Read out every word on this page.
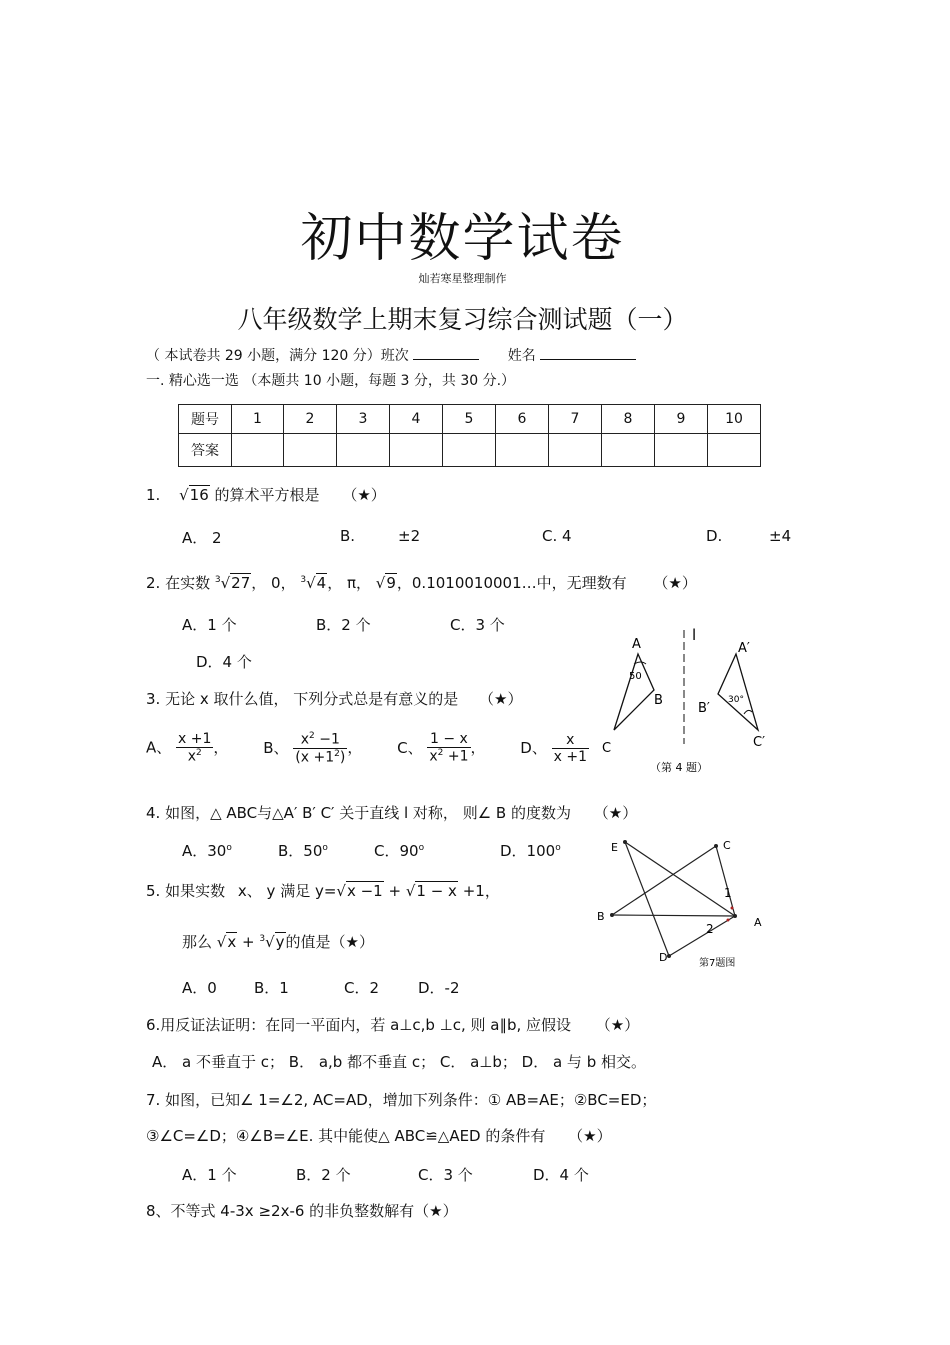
初中数学试卷
灿若寒星整理制作
八年级数学上期末复习综合测试题（一）
（ 本试卷共 29 小题，满分 120 分）班次	姓名
一. 精心选一选 （本题共 10 小题，每题 3 分，共 30 分.）
题号	1	2	3	4	5	6	7	8	9	10
答案										
1. √16 的算术平方根是 （★）
A． 2	B.	±2	C. 4	D.	±4
2. 在实数 $^3$√27， 0， $^3$√4， π， √9，0.1010010001…中，无理数有 （★）
A．1 个	B．2 个	C．3 个
D．4 个
3. 无论 x 取什么值， 下列分式总是有意义的是 （★）
A、 $\frac{x +1}{x^2}$ ， B、 $\frac{x^2 -1}{(x +1^2)}$ ， C、 $\frac{1 - x}{x^2 +1}$ ， D、 $\frac{x}{x +1}$
A
B
C
50
l
A′
B′
C′
30°
（第 4 题）
4. 如图，△ ABC与△A′ B′ C′ 关于直线 l 对称， 则∠ B 的度数为 （★）
A．30$^o$	B．50$^o$	C．90$^o$	D．100$^o$	E	C
B	A
D
1
2
第7题图
5. 如果实数 x、 y 满足 y=√x −1 + √1 − x +1，
那么 √x + $^3$√y的值是（★）
A．0 B．1	C．2	D．-2
6.用反证法证明：在同一平面内，若 a⊥c,b ⊥c, 则 a∥b, 应假设 （★）
A． a 不垂直于 c； B． a,b 都不垂直 c； C． a⊥b； D． a 与 b 相交。
7. 如图，已知∠ 1=∠2, AC=AD，增加下列条件：① AB=AE；②BC=ED；
③∠C=∠D；④∠B=∠E. 其中能使△ ABC≌△AED 的条件有 （★）
A．1 个	B．2 个	C．3 个	D．4 个
8、不等式 4-3x ≥2x-6 的非负整数解有（★）
